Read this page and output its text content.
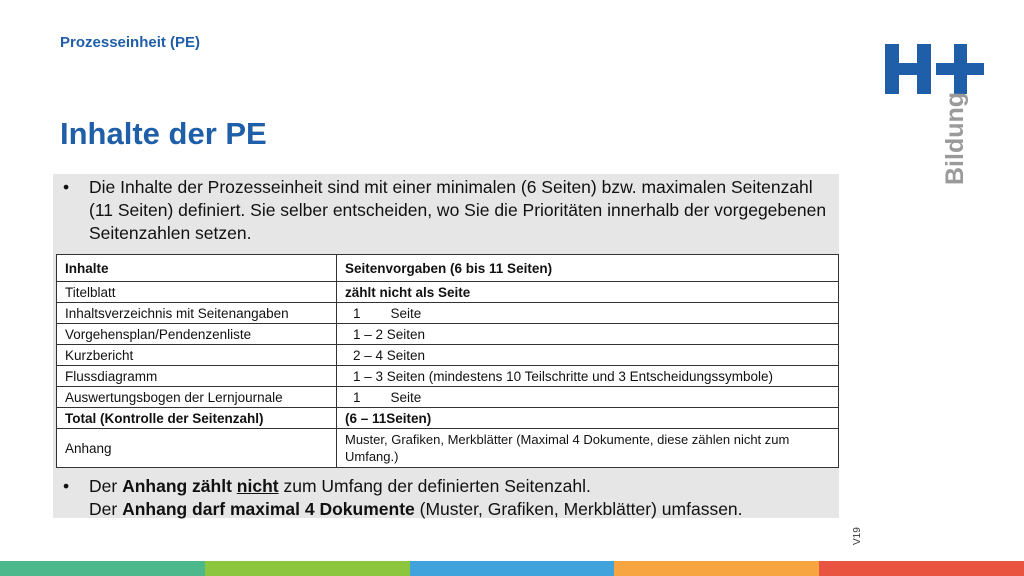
Prozesseinheit (PE)
Inhalte der PE	Bildung
• Die Inhalte der Prozesseinheit sind mit einer minimalen (6 Seiten) bzw. maximalen Seitenzahl (11 Seiten) definiert. Sie selber entscheiden, wo Sie die Prioritäten innerhalb der vorgegebenen Seitenzahlen setzen.
Inhalte	Seitenvorgaben (6 bis 11 Seiten)
Titelblatt	zählt nicht als Seite
Inhaltsverzeichnis mit Seitenangaben	1        Seite
Vorgehensplan/Pendenzenliste	1 – 2 Seiten
Kurzbericht	2 – 4 Seiten
Flussdiagramm	1 – 3 Seiten (mindestens 10 Teilschritte und 3 Entscheidungssymbole)
Auswertungsbogen der Lernjournale	1        Seite
Total (Kontrolle der Seitenzahl)	(6 – 11Seiten)
Anhang	Muster, Grafiken, Merkblätter (Maximal 4 Dokumente, diese zählen nicht zum Umfang.)
• Der Anhang zählt nicht zum Umfang der definierten Seitenzahl.
Der Anhang darf maximal 4 Dokumente (Muster, Grafiken, Merkblätter) umfassen.
V19
